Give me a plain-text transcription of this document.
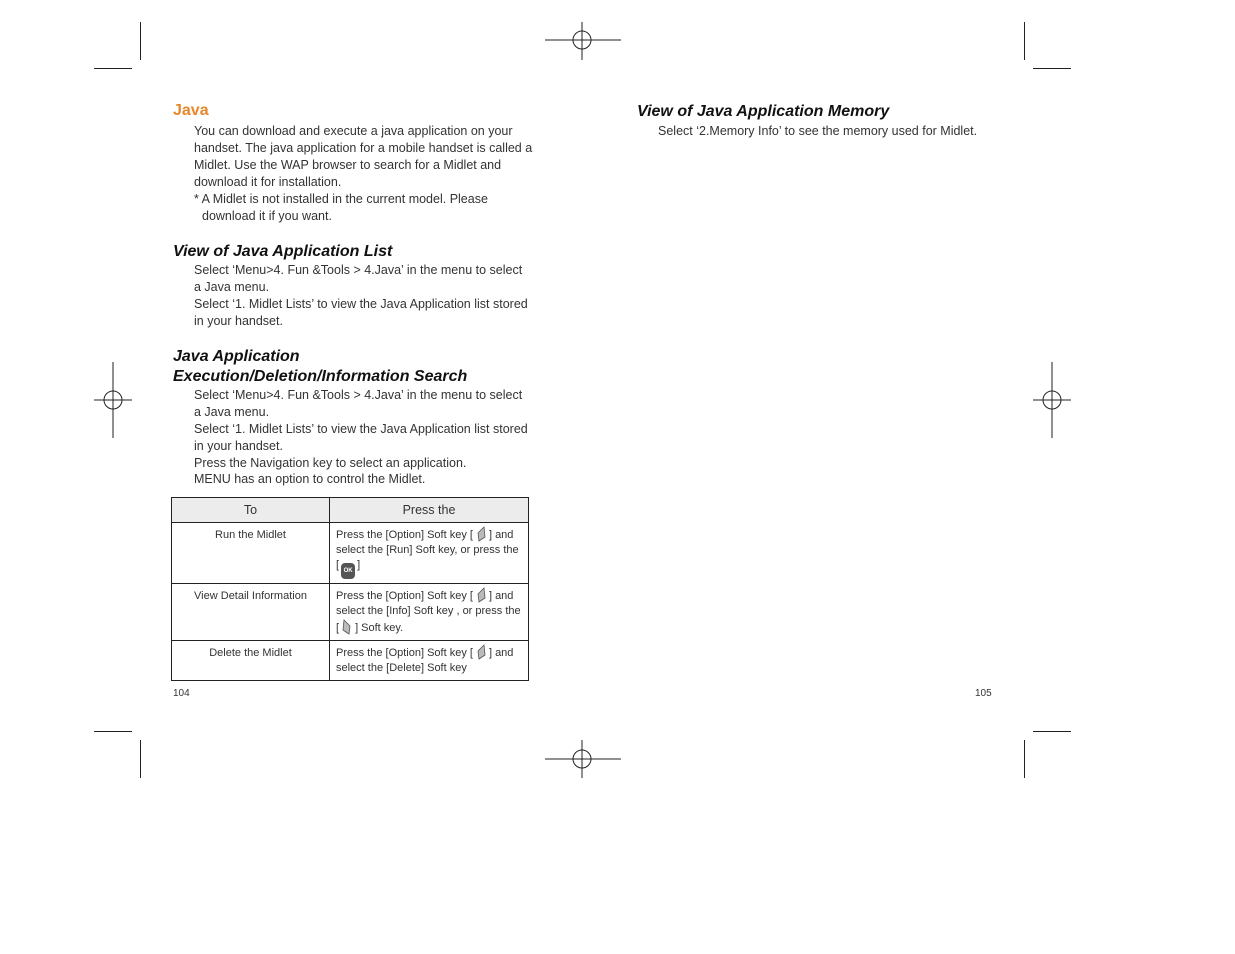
Java
You can download and execute a java application on your
handset. The java application for a mobile handset is called a
Midlet. Use the WAP browser to search for a Midlet and
download it for installation.
* A Midlet is not installed in the current model. Please
download it if you want.
View of Java Application List
Select ‘Menu>4. Fun &Tools > 4.Java’ in the menu to select
a Java menu.
Select ‘1. Midlet Lists’ to view the Java Application list stored
in your handset.
Java Application
Execution/Deletion/Information Search
Select ‘Menu>4. Fun &Tools > 4.Java’ in the menu to select
a Java menu.
Select ‘1. Midlet Lists’ to view the Java Application list stored
in your handset.
Press the Navigation key to select an application.
MENU has an option to control the Midlet.
To	Press the
Run the Midlet	Press the [Option] Soft key [ ] and
select the [Run] Soft key, or press the
[ OK ]

View Detail Information	Press the [Option] Soft key [ ] and
select the [Info] Soft key , or press the
[ ] Soft key.

Delete the Midlet	Press the [Option] Soft key [ ] and
select the [Delete] Soft key
104
View of Java Application Memory
Select ‘2.Memory Info’ to see the memory used for Midlet.
105
